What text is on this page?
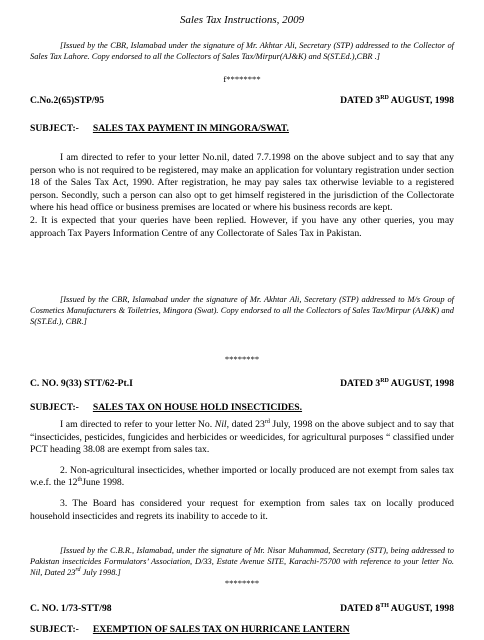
Sales Tax Instructions, 2009
[Issued by the CBR, Islamabad under the signature of Mr. Akhtar Ali, Secretary (STP) addressed to the Collector of Sales Tax Lahore. Copy endorsed to all the Collectors of Sales Tax/Mirpur(AJ&K) and S(ST.Ed.),CBR .]
f********
C.No.2(65)STP/95	DATED 3RD AUGUST, 1998
SUBJECT:- SALES TAX PAYMENT IN MINGORA/SWAT.

I am directed to refer to your letter No.nil, dated 7.7.1998 on the above subject and to say that any person who is not required to be registered, may make an application for voluntary registration under section 18 of the Sales Tax Act, 1990. After registration, he may pay sales tax otherwise leviable to a registered person. Secondly, such a person can also opt to get himself registered in the jurisdiction of the Collectorate where his head office or business premises are located or where his business records are kept.

2. It is expected that your queries have been replied. However, if you have any other queries, you may approach Tax Payers Information Centre of any Collectorate of Sales Tax in Pakistan.

[Issued by the CBR, Islamabad under the signature of Mr. Akhtar Ali, Secretary (STP) addressed to M/s Group of Cosmetics Manufacturers & Toiletries, Mingora (Swat). Copy endorsed to all the Collectors of Sales Tax/Mirpur (AJ&K) and S(ST.Ed.), CBR.]
********
C. NO. 9(33) STT/62-Pt.I	DATED 3RD AUGUST, 1998
SUBJECT:- SALES TAX ON HOUSE HOLD INSECTICIDES.

I am directed to refer to your letter No. Nil, dated 23rd July, 1998 on the above subject and to say that “insecticides, pesticides, fungicides and herbicides or weedicides, for agricultural purposes “ classified under PCT heading 38.08 are exempt from sales tax.

2. Non-agricultural insecticides, whether imported or locally produced are not exempt from sales tax w.e.f. the 12thJune 1998.

3. The Board has considered your request for exemption from sales tax on locally produced household insecticides and regrets its inability to accede to it.

[Issued by the C.B.R., Islamabad, under the signature of Mr. Nisar Muhammad, Secretary (STT), being addressed to Pakistan insecticides Formulators’ Association, D/33, Estate Avenue SITE, Karachi-75700 with reference to your letter No. Nil, Dated 23rd July 1998.]
********
C. NO. 1/73-STT/98	DATED 8TH AUGUST, 1998
SUBJECT:- EXEMPTION OF SALES TAX ON HURRICANE LANTERN
